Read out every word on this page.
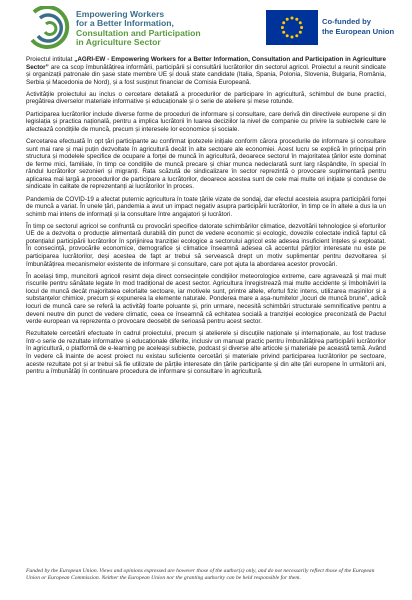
Empowering Workers
for a Better Information,
Consultation and Participation
in Agriculture Sector
Co-funded by
the European Union

Proiectul intitulat „AGRI-EW - Empowering Workers for a Better Information, Consultation and Participation in Agriculture Sector” are ca scop îmbunătățirea informării, participării și consultării lucrătorilor din sectorul agricol. Proiectul a reunit sindicate și organizații patronale din șase state membre UE și două state candidate (Italia, Spania, Polonia, Slovenia, Bulgaria, România, Serbia și Macedonia de Nord), și a fost susținut financiar de Comisia Europeană.

Activitățile proiectului au inclus o cercetare detaliată a procedurilor de participare în agricultură, schimbul de bune practici, pregătirea diverselor materiale informative și educaționale și o serie de ateliere și mese rotunde.

Participarea lucrătorilor include diverse forme de proceduri de informare și consultare, care derivă din directivele europene și din legislația și practica națională, pentru a implica lucrătorii în luarea deciziilor la nivel de companie cu privire la subiectele care le afectează condițiile de muncă, precum și interesele lor economice și sociale.

Cercetarea efectuată în opt țări participante au confirmat ipotezele inițiale conform cărora procedurile de informare și consultare sunt mai rare și mai puțin dezvoltate în agricultură decât în alte sectoare ale economiei. Acest lucru se explică în principal prin structura și modelele specifice de ocupare a forței de muncă în agricultură, deoarece sectorul în majoritatea țărilor este dominat de ferme mici, familiale, în timp ce condițiile de muncă precare și chiar munca nedeclarată sunt larg răspândite, în special în rândul lucrătorilor sezonieri și migranți. Rata scăzută de sindicalizare în sector reprezintă o provocare suplimentară pentru aplicarea mai largă a procedurilor de participare a lucrătorilor, deoarece acestea sunt de cele mai multe ori inițiate și conduse de sindicate în calitate de reprezentanți ai lucrătorilor în proces.

Pandemia de COVID-19 a afectat puternic agricultura în toate țările vizate de sondaj, dar efectul acesteia asupra participării forței de muncă a variat. În unele țări, pandemia a avut un impact negativ asupra participării lucrătorilor, în timp ce în altele a dus la un schimb mai intens de informații și la consultare între angajatori și lucrători.

În timp ce sectorul agricol se confruntă cu provocări specifice datorate schimbărilor climatice, dezvoltării tehnologice și eforturilor UE de a dezvolta o producție alimentară durabilă din punct de vedere economic și ecologic, dovezile colectate indică faptul că potențialul participării lucrătorilor în sprijinirea tranziției ecologice a sectorului agricol este adesea insuficient înțeles și exploatat. În consecință, provocările economice, demografice și climatice înseamnă adesea că accentul părților interesate nu este pe participarea lucrătorilor, deși acestea de fapt ar trebui să servească drept un motiv suplimentar pentru dezvoltarea și îmbunătățirea mecanismelor existente de informare și consultare, care pot ajuta la abordarea acestor provocări.

În același timp, muncitorii agricoli resimt deja direct consecințele condițiilor meteorologice extreme, care agravează și mai mult riscurile pentru sănătate legate în mod tradițional de acest sector. Agricultura înregistrează mai multe accidente și îmbolnăviri la locul de muncă decât majoritatea celorlalte sectoare, iar motivele sunt, printre altele, efortul fizic intens, utilizarea mașinilor și a substanțelor chimice, precum și expunerea la elemente naturale. Ponderea mare a așa-numitelor „locuri de muncă brune”, adică locuri de muncă care se referă la activități foarte poluante și, prin urmare, necesită schimbări structurale semnificative pentru a deveni neutre din punct de vedere climatic, ceea ce înseamnă că echitatea socială a tranziției ecologice preconizată de Pactul verde european va reprezenta o provocare deosebit de serioasă pentru acest sector.

Rezultatele cercetării efectuate în cadrul proiectului, precum și atelierele și discuțiile naționale și internaționale, au fost traduse într-o serie de rezultate informative și educaționale diferite, inclusiv un manual practic pentru îmbunătățirea participării lucrătorilor în agricultură, o platformă de e-learning pe aceleași subiecte, podcast și diverse alte articole și materiale pe această temă. Având în vedere că lnainte de acest proiect nu existau suficiente cercetări și materiale privind participarea lucrătorilor pe sectoare, aceste rezultate pot și ar trebui să fie utilizate de părțile interesate din țările participante și din alte țări europene în următorii ani, pentru a îmbunătăți în continuare procedura de informare și consultare în agricultură.

Funded by the European Union. Views and opinions expressed are however those of the author(s) only, and do not necessarily reflect those of the European Union or European Commission. Neither the European Union nor the granting authority can be held responsible for them.
